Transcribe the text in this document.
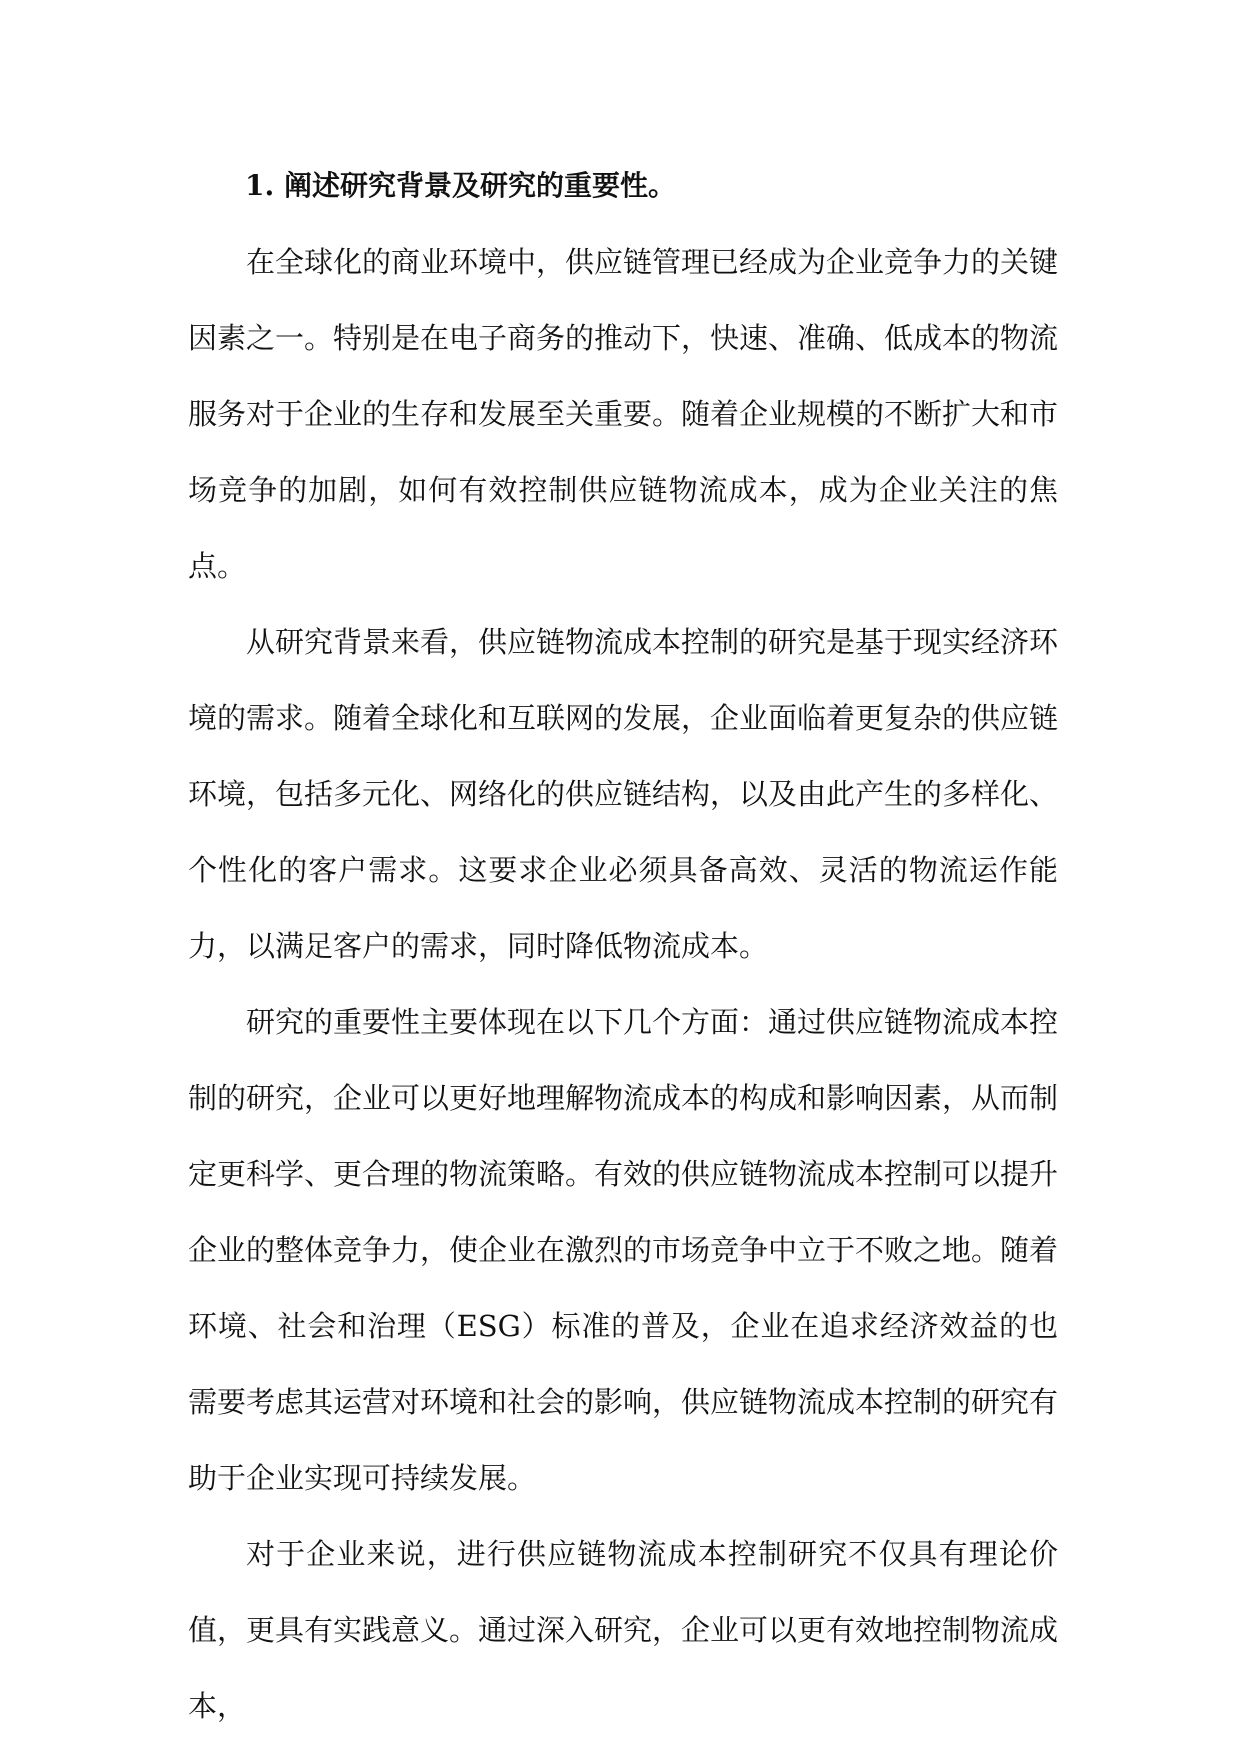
1. 阐述研究背景及研究的重要性。

在全球化的商业环境中，供应链管理已经成为企业竞争力的关键因素之一。特别是在电子商务的推动下，快速、准确、低成本的物流服务对于企业的生存和发展至关重要。随着企业规模的不断扩大和市场竞争的加剧，如何有效控制供应链物流成本，成为企业关注的焦点。

从研究背景来看，供应链物流成本控制的研究是基于现实经济环境的需求。随着全球化和互联网的发展，企业面临着更复杂的供应链环境，包括多元化、网络化的供应链结构，以及由此产生的多样化、个性化的客户需求。这要求企业必须具备高效、灵活的物流运作能力，以满足客户的需求，同时降低物流成本。

研究的重要性主要体现在以下几个方面：通过供应链物流成本控制的研究，企业可以更好地理解物流成本的构成和影响因素，从而制定更科学、更合理的物流策略。有效的供应链物流成本控制可以提升企业的整体竞争力，使企业在激烈的市场竞争中立于不败之地。随着环境、社会和治理（ESG）标准的普及，企业在追求经济效益的也需要考虑其运营对环境和社会的影响，供应链物流成本控制的研究有助于企业实现可持续发展。

对于企业来说，进行供应链物流成本控制研究不仅具有理论价值，更具有实践意义。通过深入研究，企业可以更有效地控制物流成本，
